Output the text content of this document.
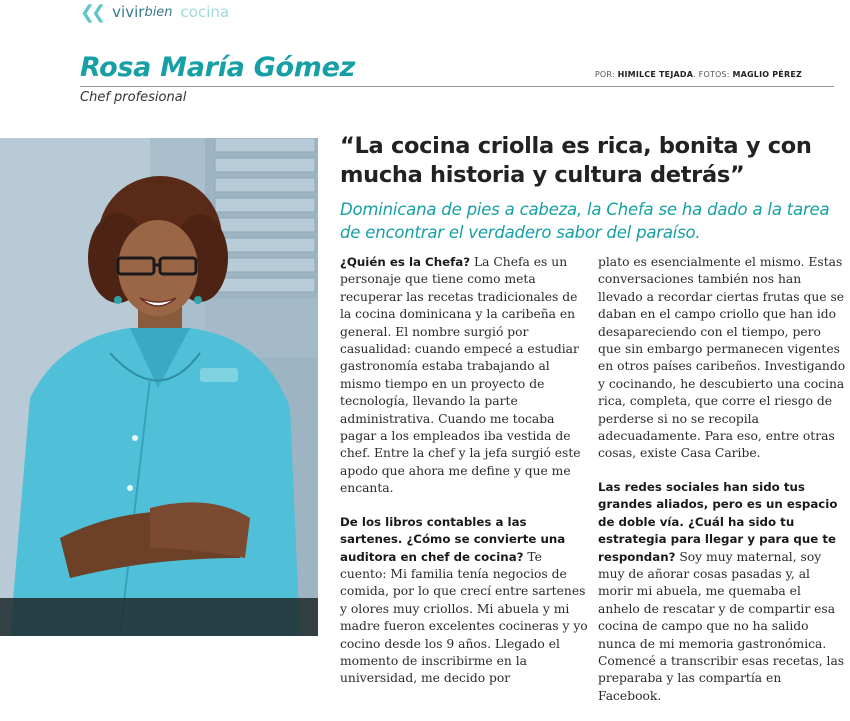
❮❮ vivir bien cocina
Rosa María Gómez	POR: HIMILCE TEJADA. FOTOS: MAGLIO PÉREZ
Chef profesional
“La cocina criolla es rica, bonita y con mucha historia y cultura detrás”

Dominicana de pies a cabeza, la Chefa se ha dado a la tarea de encontrar el verdadero sabor del paraíso.

¿Quién es la Chefa? La Chefa es un personaje que tiene como meta recuperar las recetas tradicionales de la cocina dominicana y la caribeña en general. El nombre surgió por casualidad: cuando empecé a estudiar gastronomía estaba trabajando al mismo tiempo en un proyecto de tecnología, llevando la parte administrativa. Cuando me tocaba pagar a los empleados iba vestida de chef. Entre la chef y la jefa surgió este apodo que ahora me define y que me encanta.

De los libros contables a las sartenes. ¿Cómo se convierte una auditora en chef de cocina? Te cuento: Mi familia tenía negocios de comida, por lo que crecí entre sartenes y olores muy criollos. Mi abuela y mi madre fueron excelentes cocineras y yo cocino desde los 9 años. Llegado el momento de inscribirme en la universidad, me decido por

plato es esencialmente el mismo. Estas conversaciones también nos han llevado a recordar ciertas frutas que se daban en el campo criollo que han ido desapareciendo con el tiempo, pero que sin embargo permanecen vigentes en otros países caribeños. Investigando y cocinando, he descubierto una cocina rica, completa, que corre el riesgo de perderse si no se recopila adecuadamente. Para eso, entre otras cosas, existe Casa Caribe.

Las redes sociales han sido tus grandes aliados, pero es un espacio de doble vía. ¿Cuál ha sido tu estrategia para llegar y para que te respondan? Soy muy maternal, soy muy de añorar cosas pasadas y, al morir mi abuela, me quemaba el anhelo de rescatar y de compartir esa cocina de campo que no ha salido nunca de mi memoria gastronómica. Comencé a transcribir esas recetas, las preparaba y las compartía en Facebook.
